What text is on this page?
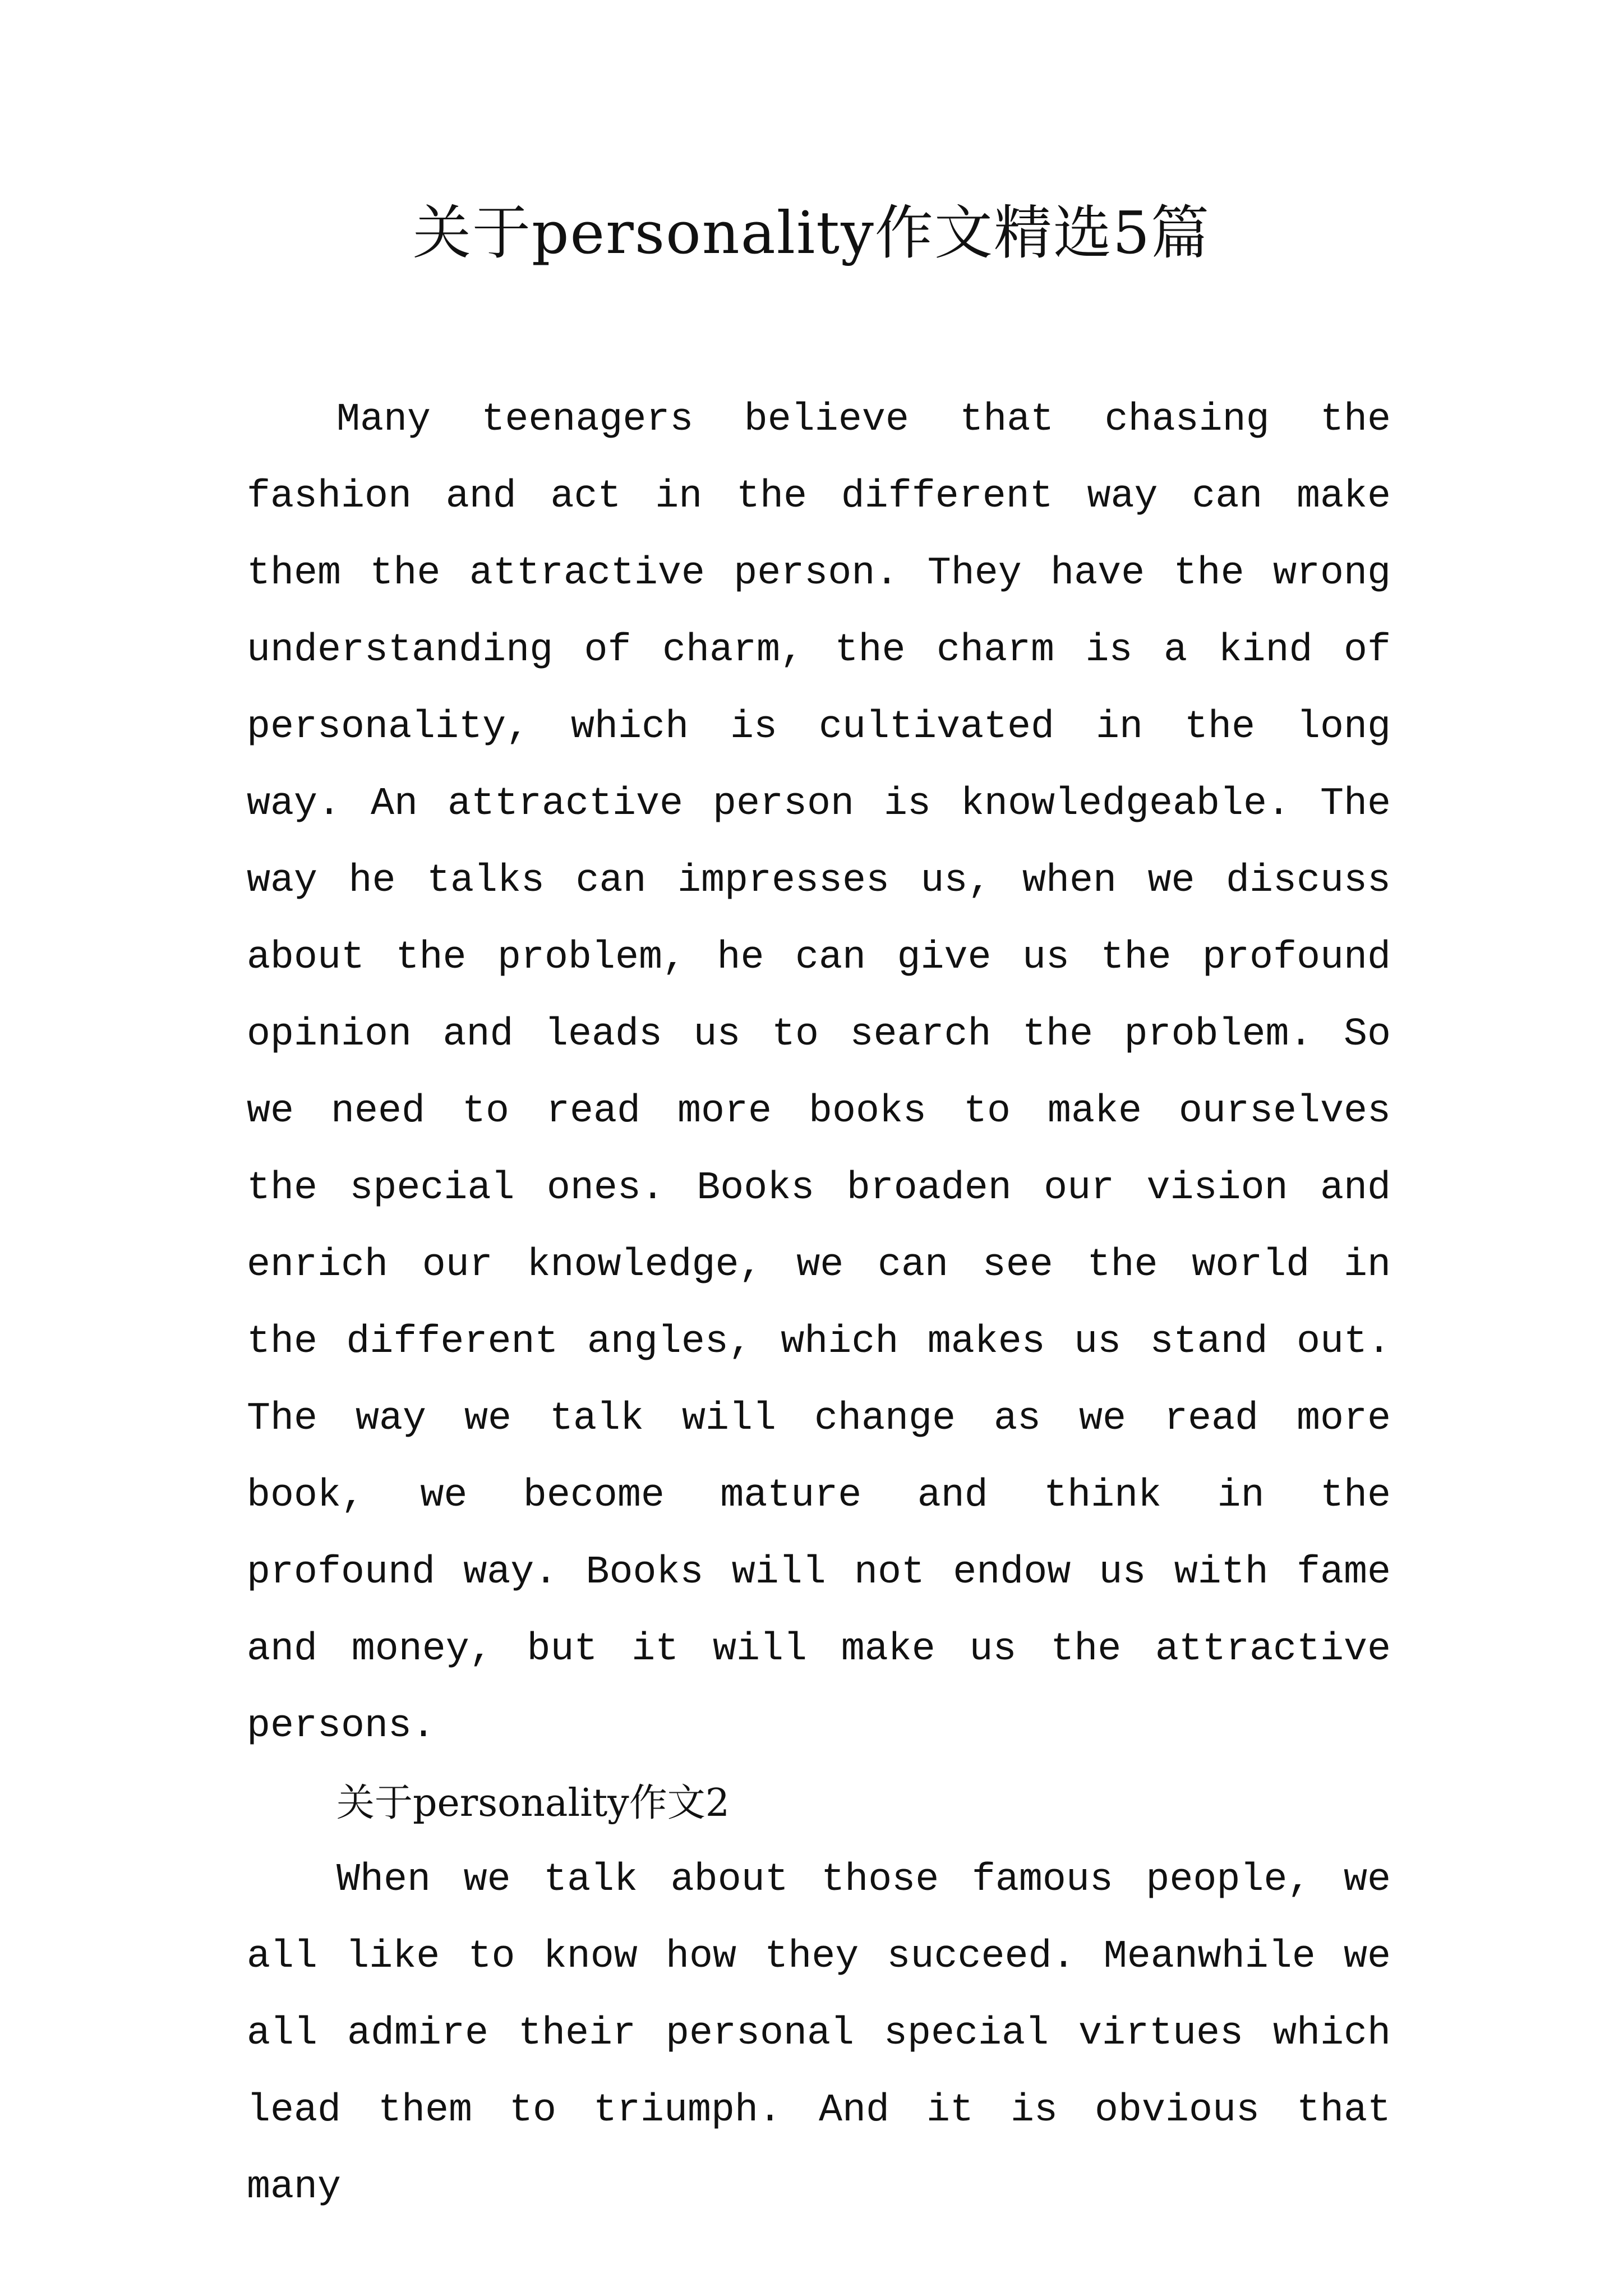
关于personality作文精选5篇

Many teenagers believe that chasing the fashion and act in the different way can make them the attractive person. They have the wrong understanding of charm, the charm is a kind of personality, which is cultivated in the long way. An attractive person is knowledgeable. The way he talks can impresses us, when we discuss about the problem, he can give us the profound opinion and leads us to search the problem. So we need to read more books to make ourselves the special ones. Books broaden our vision and enrich our knowledge, we can see the world in the different angles, which makes us stand out. The way we talk will change as we read more book, we become mature and think in the profound way. Books will not endow us with fame and money, but it will make us the attractive persons.

关于personality作文2

When we talk about those famous people, we all like to know how they succeed. Meanwhile we all admire their personal special virtues which lead them to triumph. And it is obvious that many
